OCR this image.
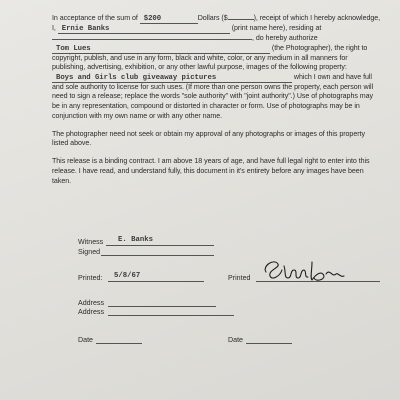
In acceptance of the sum of $200	Dollars ($	), receipt of which I hereby acknowledge, I, Ernie Banks	(print name here), residing at , do hereby authorize Tom Lues	(the Photographer), the right to copyright, publish, and use in any form, black and white, color, or any medium in all manners for publishing, advertising, exhibition, or any other lawful purpose, images of the following property: Boys and Girls club giveaway pictures	which I own and have full and sole authority to license for such uses. (If more than one person owns the property, each person will need to sign a release; replace the words "sole authority" with "joint authority".) Use of photographs may be in any representation, compound or distorted in character or form. Use of photographs may be in conjunction with my own name or with any other name.

The photographer need not seek or obtain my approval of any photographs or images of this property listed above.

This release is a binding contract. I am above 18 years of age, and have full legal right to enter into this release. I have read, and understand fully, this document in it's entirety before any images have been taken.

Witness E. Banks
Signed
Printed: 5/8/67	Printed
Address
Address
Date	Date
